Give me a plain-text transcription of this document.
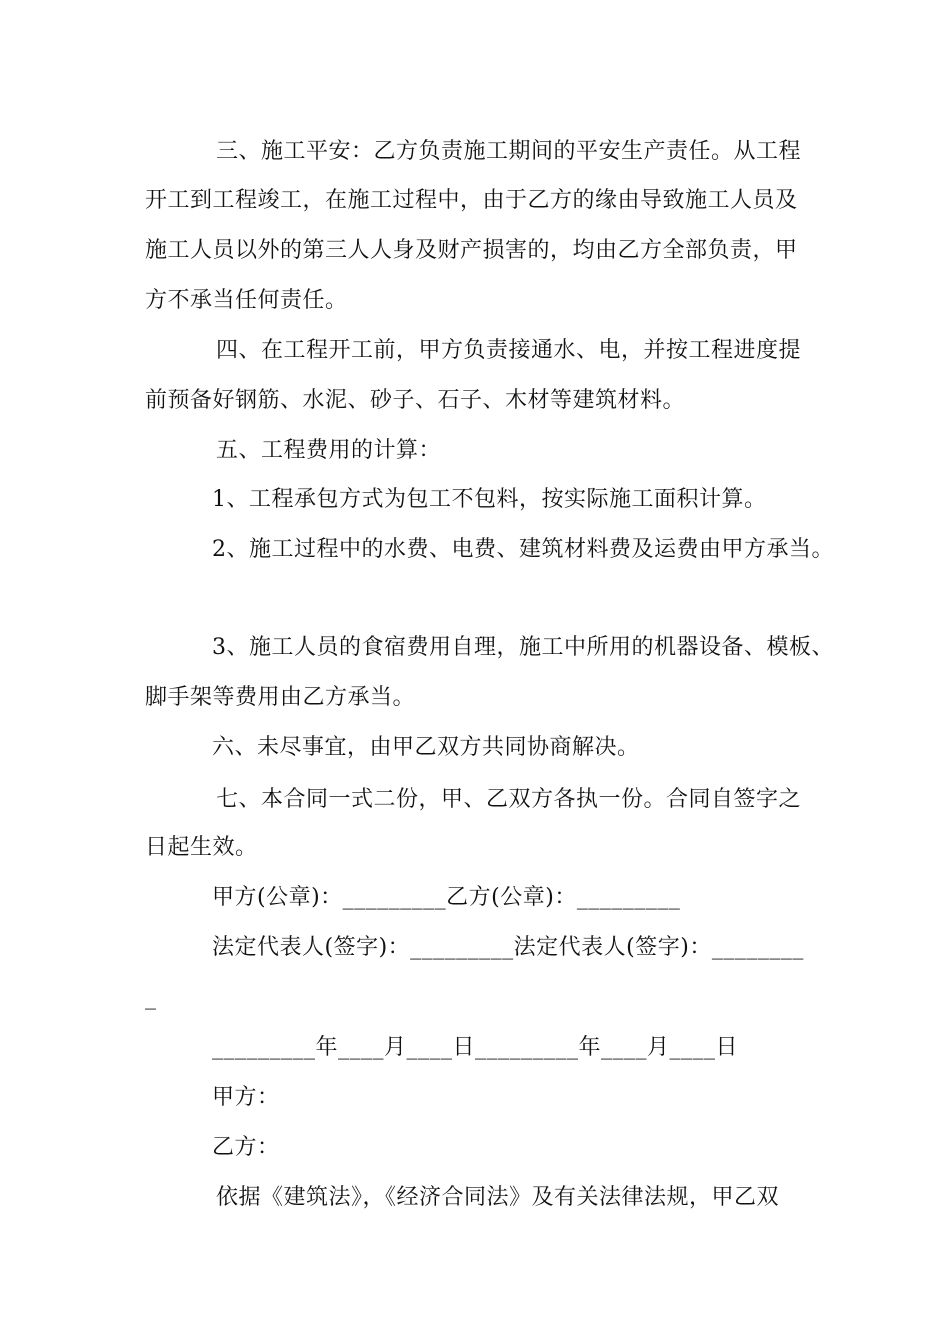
三、施工平安：乙方负责施工期间的平安生产责任。从工程
开工到工程竣工，在施工过程中，由于乙方的缘由导致施工人员及
施工人员以外的第三人人身及财产损害的，均由乙方全部负责，甲
方不承当任何责任。
四、在工程开工前，甲方负责接通水、电，并按工程进度提
前预备好钢筋、水泥、砂子、石子、木材等建筑材料。
五、工程费用的计算：
1、工程承包方式为包工不包料，按实际施工面积计算。
2、施工过程中的水费、电费、建筑材料费及运费由甲方承当。
3、施工人员的食宿费用自理，施工中所用的机器设备、模板、
脚手架等费用由乙方承当。
六、未尽事宜，由甲乙双方共同协商解决。
七、本合同一式二份，甲、乙双方各执一份。合同自签字之
日起生效。
甲方(公章)：_________乙方(公章)：_________
法定代表人(签字)：_________法定代表人(签字)：________
_
_________年____月____日_________年____月____日
甲方：
乙方：
依据《建筑法》，《经济合同法》及有关法律法规，甲乙双
